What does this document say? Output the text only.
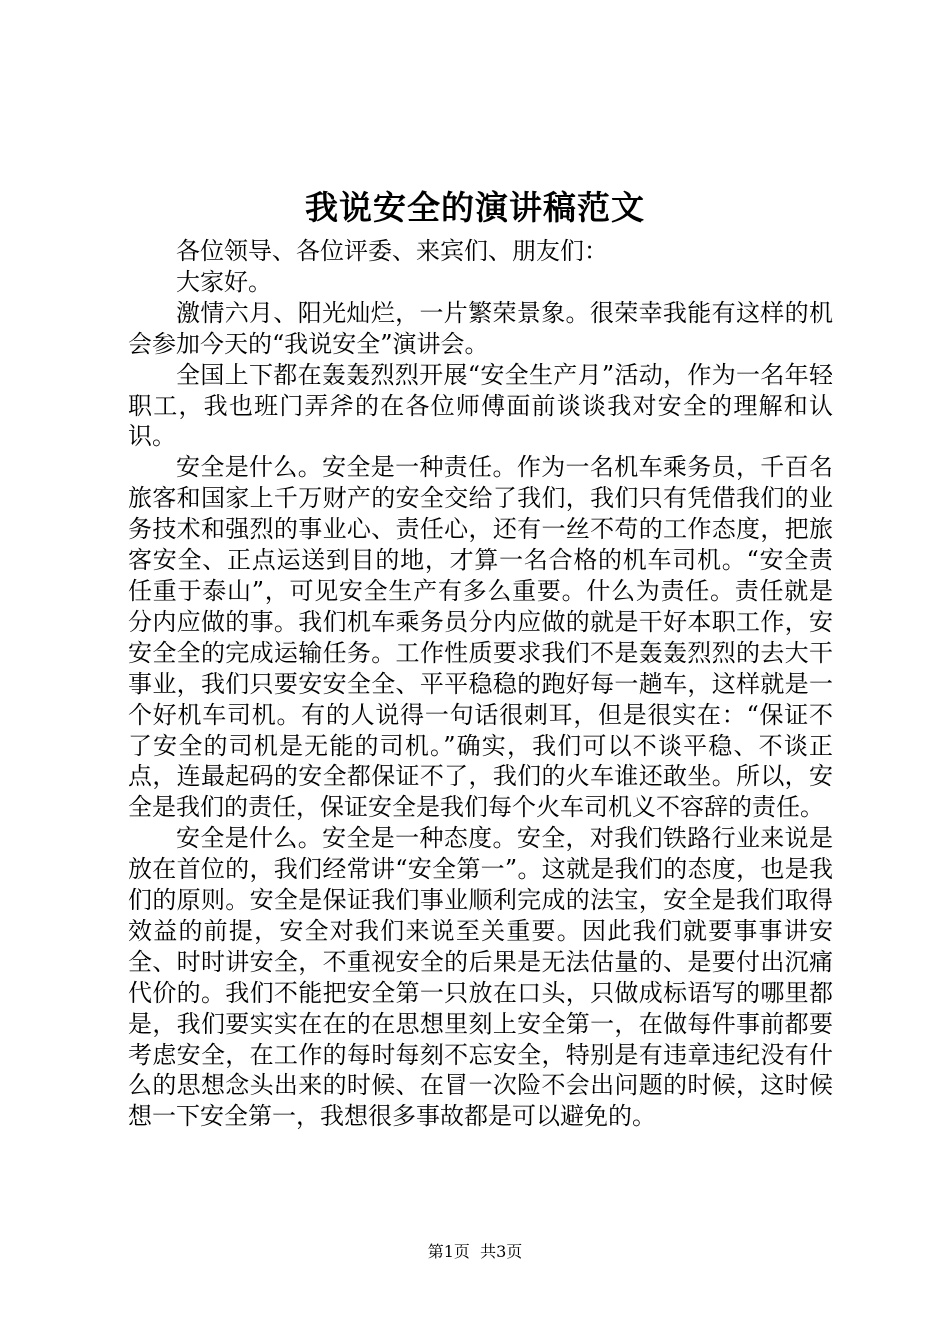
我说安全的演讲稿范文

各位领导、各位评委、来宾们、朋友们：

大家好。

激情六月、阳光灿烂，一片繁荣景象。很荣幸我能有这样的机会参加今天的“我说安全”演讲会。

全国上下都在轰轰烈烈开展“安全生产月”活动，作为一名年轻职工，我也班门弄斧的在各位师傅面前谈谈我对安全的理解和认识。

安全是什么。安全是一种责任。作为一名机车乘务员，千百名旅客和国家上千万财产的安全交给了我们，我们只有凭借我们的业务技术和强烈的事业心、责任心，还有一丝不苟的工作态度，把旅客安全、正点运送到目的地，才算一名合格的机车司机。“安全责任重于泰山”，可见安全生产有多么重要。什么为责任。责任就是分内应做的事。我们机车乘务员分内应做的就是干好本职工作，安安全全的完成运输任务。工作性质要求我们不是轰轰烈烈的去大干事业，我们只要安安全全、平平稳稳的跑好每一趟车，这样就是一个好机车司机。有的人说得一句话很刺耳，但是很实在：“保证不了安全的司机是无能的司机。”确实，我们可以不谈平稳、不谈正点，连最起码的安全都保证不了，我们的火车谁还敢坐。所以，安全是我们的责任，保证安全是我们每个火车司机义不容辞的责任。

安全是什么。安全是一种态度。安全，对我们铁路行业来说是放在首位的，我们经常讲“安全第一”。这就是我们的态度，也是我们的原则。安全是保证我们事业顺利完成的法宝，安全是我们取得效益的前提，安全对我们来说至关重要。因此我们就要事事讲安全、时时讲安全，不重视安全的后果是无法估量的、是要付出沉痛代价的。我们不能把安全第一只放在口头，只做成标语写的哪里都是，我们要实实在在的在思想里刻上安全第一，在做每件事前都要考虑安全，在工作的每时每刻不忘安全，特别是有违章违纪没有什么的思想念头出来的时候、在冒一次险不会出问题的时候，这时候想一下安全第一，我想很多事故都是可以避免的。

第1页  共3页
